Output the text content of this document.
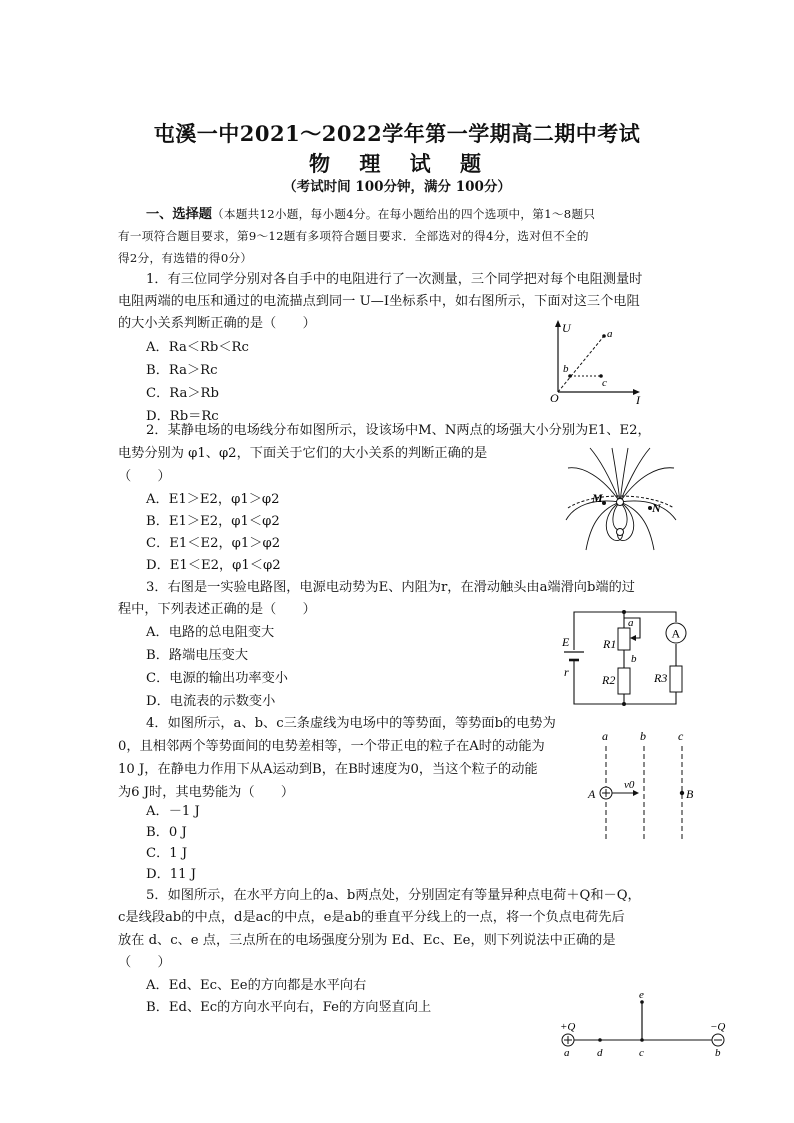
屯溪一中2021～2022学年第一学期高二期中考试
物 理 试 题
（考试时间 100分钟，满分 100分）
一、选择题（本题共12小题，每小题4分。在每小题给出的四个选项中，第1～8题只
有一项符合题目要求，第9～12题有多项符合题目要求．全部选对的得4分，选对但不全的
得2分，有选错的得0分）
1．有三位同学分别对各自手中的电阻进行了一次测量，三个同学把对每个电阻测量时
电阻两端的电压和通过的电流描点到同一 U—I坐标系中，如右图所示，下面对这三个电阻
的大小关系判断正确的是（　　）
A．Ra＜Rb＜Rc
B．Ra＞Rc
C．Ra＞Rb
D．Rb＝Rc
U
I
O
a
b
c
2．某静电场的电场线分布如图所示，设该场中M、N两点的场强大小分别为E1、E2，
电势分别为 φ1、φ2，下面关于它们的大小关系的判断正确的是
（　　）
A．E1＞E2，φ1＞φ2
B．E1＞E2，φ1＜φ2
C．E1＜E2，φ1＞φ2
D．E1＜E2，φ1＜φ2
M
N
3．右图是一实验电路图，电源电动势为E、内阻为r，在滑动触头由a端滑向b端的过
程中，下列表述正确的是（　　）
A．电路的总电阻变大
B．路端电压变大
C．电源的输出功率变小
D．电流表的示数变小
A
E
r
R1
R2	R3
a
b
4．如图所示，a、b、c三条虚线为电场中的等势面，等势面b的电势为
0，且相邻两个等势面间的电势差相等，一个带正电的粒子在A时的动能为
10 J，在静电力作用下从A运动到B，在B时速度为0，当这个粒子的动能
为6 J时，其电势能为（　　）
A．－1 J
B．0 J
C．1 J
D．11 J
a	b	c
v0
A	B
5．如图所示，在水平方向上的a、b两点处，分别固定有等量异种点电荷＋Q和－Q，
c是线段ab的中点，d是ac的中点，e是ab的垂直平分线上的一点，将一个负点电荷先后
放在 d、c、e 点，三点所在的电场强度分别为 Ed、Ec、Ee，则下列说法中正确的是
（　　）
A．Ed、Ec、Ee的方向都是水平向右
B．Ed、Ec的方向水平向右，Fe的方向竖直向上
+Q	−Q
a	d	c	b
e
